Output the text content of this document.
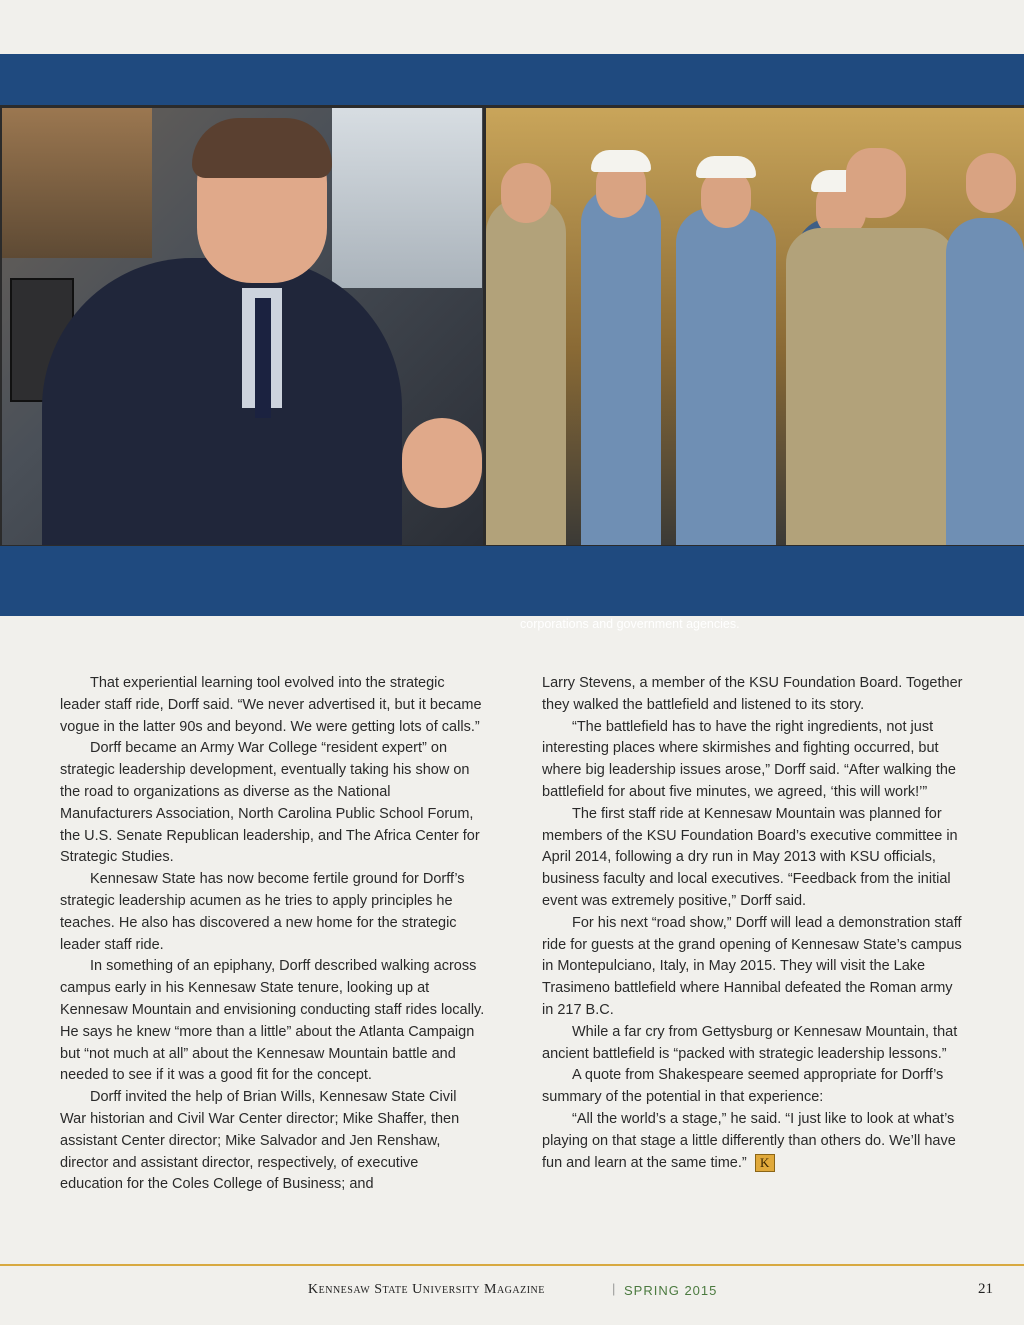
corporations and government agencies.

That experiential learning tool evolved into the strategic leader staff ride, Dorff said. “We never advertised it, but it became vogue in the latter 90s and beyond. We were getting lots of calls.”

Dorff became an Army War College “resident expert” on strategic leadership development, eventually taking his show on the road to organizations as diverse as the National Manufacturers Association, North Carolina Public School Forum, the U.S. Senate Republican leadership, and The Africa Center for Strategic Studies.

Kennesaw State has now become fertile ground for Dorff’s strategic leadership acumen as he tries to apply principles he teaches. He also has discovered a new home for the strategic leader staff ride.

In something of an epiphany, Dorff described walking across campus early in his Kennesaw State tenure, looking up at Kennesaw Mountain and envisioning conducting staff rides locally. He says he knew “more than a little” about the Atlanta Campaign but “not much at all” about the Kennesaw Mountain battle and needed to see if it was a good fit for the concept.

Dorff invited the help of Brian Wills, Kennesaw State Civil War historian and Civil War Center director; Mike Shaffer, then assistant Center director; Mike Salvador and Jen Renshaw, director and assistant director, respectively, of executive education for the Coles College of Business; and

Larry Stevens, a member of the KSU Foundation Board. Together they walked the battlefield and listened to its story.

“The battlefield has to have the right ingredients, not just interesting places where skirmishes and fighting occurred, but where big leadership issues arose,” Dorff said. “After walking the battlefield for about five minutes, we agreed, ‘this will work!’”

The first staff ride at Kennesaw Mountain was planned for members of the KSU Foundation Board’s executive committee in April 2014, following a dry run in May 2013 with KSU officials, business faculty and local executives. “Feedback from the initial event was extremely positive,” Dorff said.

For his next “road show,” Dorff will lead a demonstration staff ride for guests at the grand opening of Kennesaw State’s campus in Montepulciano, Italy, in May 2015. They will visit the Lake Trasimeno battlefield where Hannibal defeated the Roman army in 217 B.C.

While a far cry from Gettysburg or Kennesaw Mountain, that ancient battlefield is “packed with strategic leadership lessons.”

A quote from Shakespeare seemed appropriate for Dorff’s summary of the potential in that experience:

“All the world’s a stage,” he said. “I just like to look at what’s playing on that stage a little differently than others do. We’ll have fun and learn at the same time.” K

Kennesaw State University Magazine	| SPRING 2015	21
